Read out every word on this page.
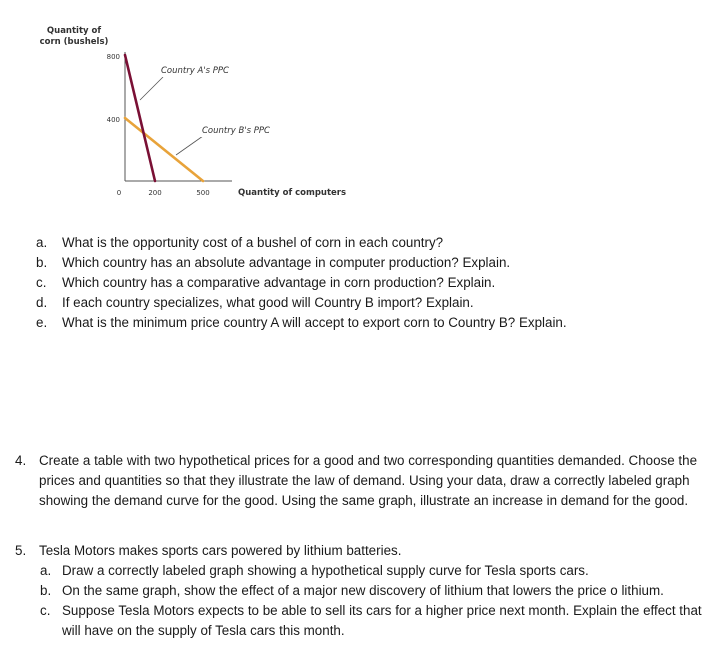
Quantity of
corn (bushels)
800
400
0	200	500	Quantity of computers
Country A's PPC
Country B's PPC
a. What is the opportunity cost of a bushel of corn in each country?
b. Which country has an absolute advantage in computer production? Explain.
c. Which country has a comparative advantage in corn production? Explain.
d. If each country specializes, what good will Country B import? Explain.
e. What is the minimum price country A will accept to export corn to Country B? Explain.
4. Create a table with two hypothetical prices for a good and two corresponding quantities demanded. Choose the prices and quantities so that they illustrate the law of demand. Using your data, draw a correctly labeled graph showing the demand curve for the good. Using the same graph, illustrate an increase in demand for the good.
5. Tesla Motors makes sports cars powered by lithium batteries.
a. Draw a correctly labeled graph showing a hypothetical supply curve for Tesla sports cars.
b. On the same graph, show the effect of a major new discovery of lithium that lowers the price o lithium.
c. Suppose Tesla Motors expects to be able to sell its cars for a higher price next month. Explain the effect that will have on the supply of Tesla cars this month.
